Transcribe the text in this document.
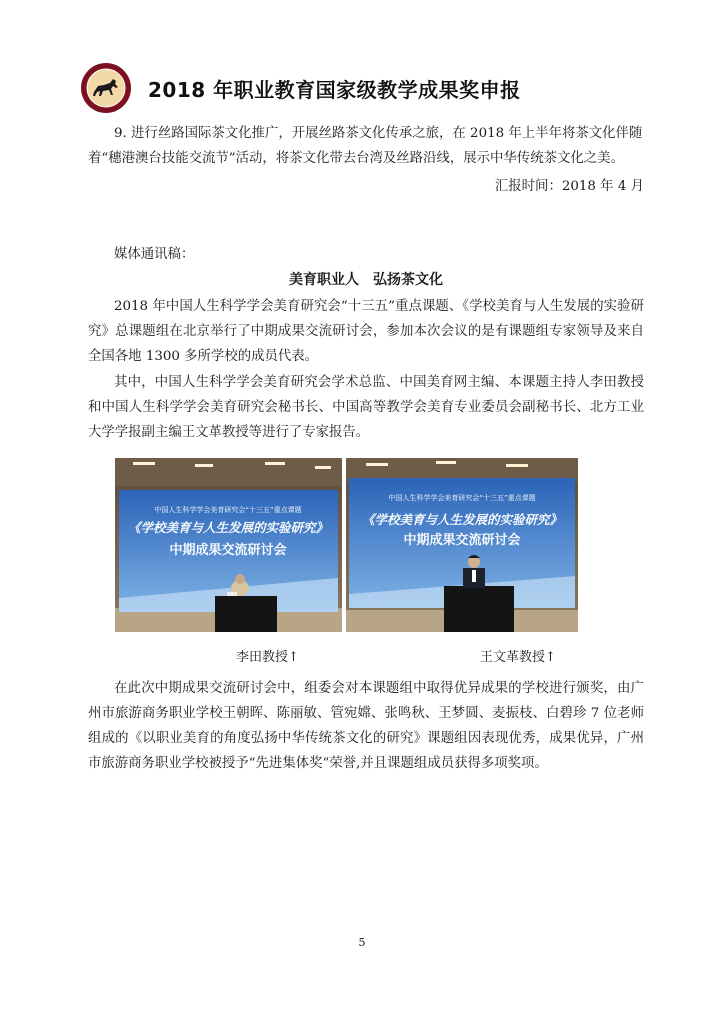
2018 年职业教育国家级教学成果奖申报

9. 进行丝路国际茶文化推广，开展丝路茶文化传承之旅，在 2018 年上半年将茶文化伴随

着“穗港澳台技能交流节”活动，将茶文化带去台湾及丝路沿线，展示中华传统茶文化之美。

汇报时间：2018 年 4 月

媒体通讯稿：

美育职业人　弘扬茶文化

2018 年中国人生科学学会美育研究会“十三五”重点课题、《学校美育与人生发展的实验研究》总课题组在北京举行了中期成果交流研讨会，参加本次会议的是有课题组专家领导及来自全国各地 1300 多所学校的成员代表。

其中，中国人生科学学会美育研究会学术总监、中国美育网主编、本课题主持人李田教授和中国人生科学学会美育研究会秘书长、中国高等教学会美育专业委员会副秘书长、北方工业大学学报副主编王文革教授等进行了专家报告。

中国人生科学学会美育研究会“十三五”重点课题
《学校美育与人生发展的实验研究》
中期成果交流研讨会
中国人生科学学会美育研究会“十三五”重点课题
《学校美育与人生发展的实验研究》
中期成果交流研讨会
李田教授↑	王文革教授↑

在此次中期成果交流研讨会中，组委会对本课题组中取得优异成果的学校进行颁奖，由广州市旅游商务职业学校王朝晖、陈丽敏、管宛嫦、张鸣秋、王梦圆、麦振枝、白碧珍 7 位老师组成的《以职业美育的角度弘扬中华传统茶文化的研究》课题组因表现优秀，成果优异，广州市旅游商务职业学校被授予“先进集体奖”荣誉,并且课题组成员获得多项奖项。

5
